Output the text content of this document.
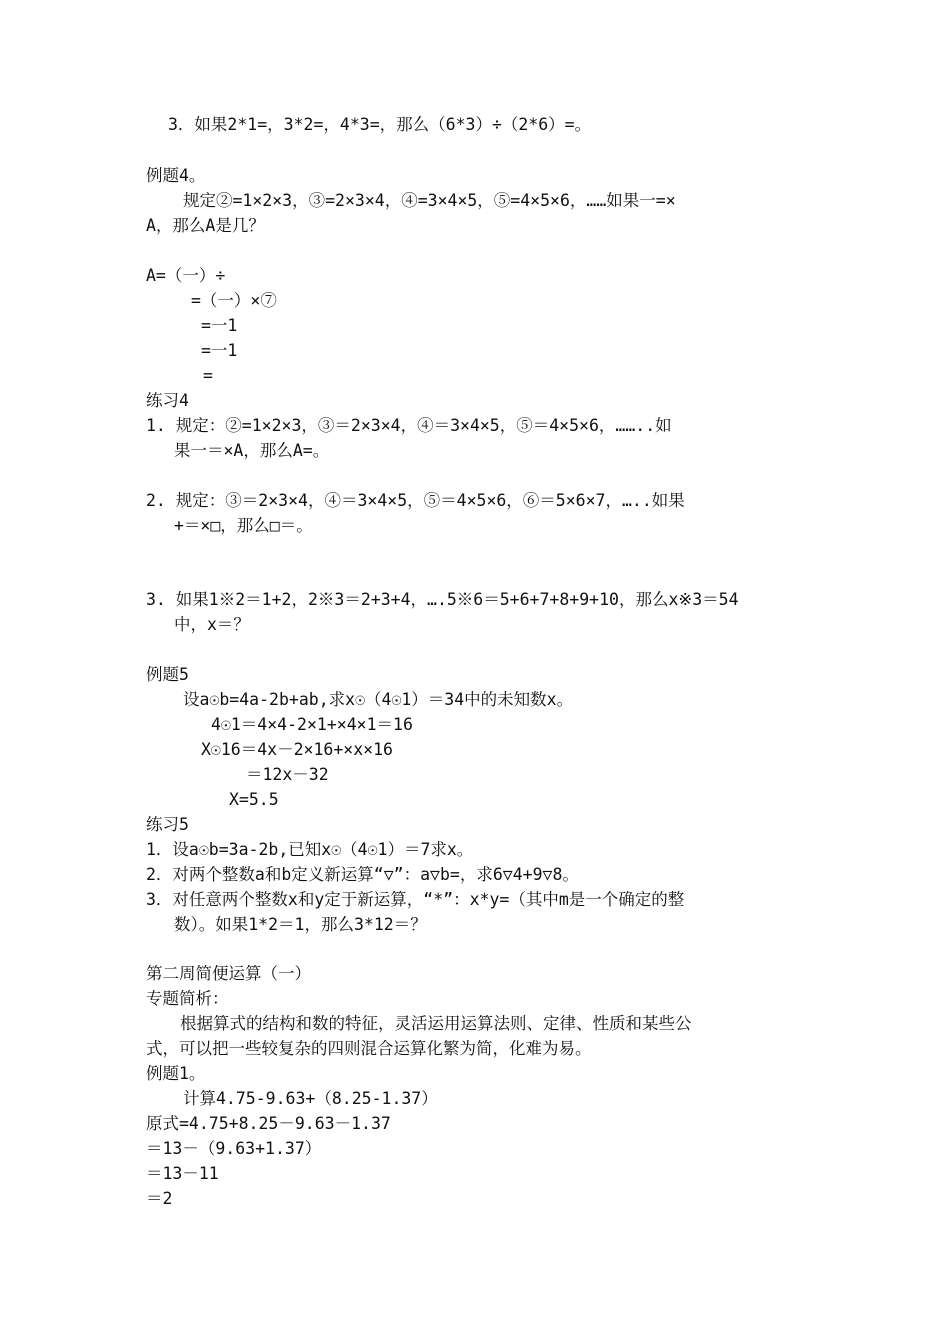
3．如果2*1=，3*2=，4*3=，那么（6*3）÷（2*6）=。
例题4。
规定②=1×2×3，③=2×3×4，④=3×4×5，⑤=4×5×6，……如果一=×
A，那么A是几？
A=（一）÷
=（一）×⑦
=一1
=一1
=
练习4
1. 规定：②=1×2×3，③＝2×3×4，④＝3×4×5，⑤＝4×5×6，……..如
果一＝×A，那么A=。
2. 规定：③＝2×3×4，④＝3×4×5，⑤＝4×5×6，⑥＝5×6×7，…..如果
+＝×□，那么□＝。
3. 如果1※2＝1+2，2※3＝2+3+4，….5※6＝5+6+7+8+9+10，那么x※3＝54
中，x＝？
例题5
设a☉b=4a-2b+ab,求x☉（4☉1）＝34中的未知数x。
4☉1＝4×4-2×1+×4×1＝16
X☉16＝4x－2×16+×x×16
＝12x－32
X=5.5
练习5
1．设a☉b=3a-2b,已知x☉（4☉1）＝7求x。
2．对两个整数a和b定义新运算“▽”：a▽b=，求6▽4+9▽8。
3．对任意两个整数x和y定于新运算，“*”：x*y=（其中m是一个确定的整
数）。如果1*2＝1，那么3*12＝？
第二周简便运算（一）
专题简析：
根据算式的结构和数的特征，灵活运用运算法则、定律、性质和某些公
式，可以把一些较复杂的四则混合运算化繁为简，化难为易。
例题1。
计算4.75-9.63+（8.25-1.37）
原式=4.75+8.25－9.63－1.37
＝13－（9.63+1.37）
＝13－11
＝2
